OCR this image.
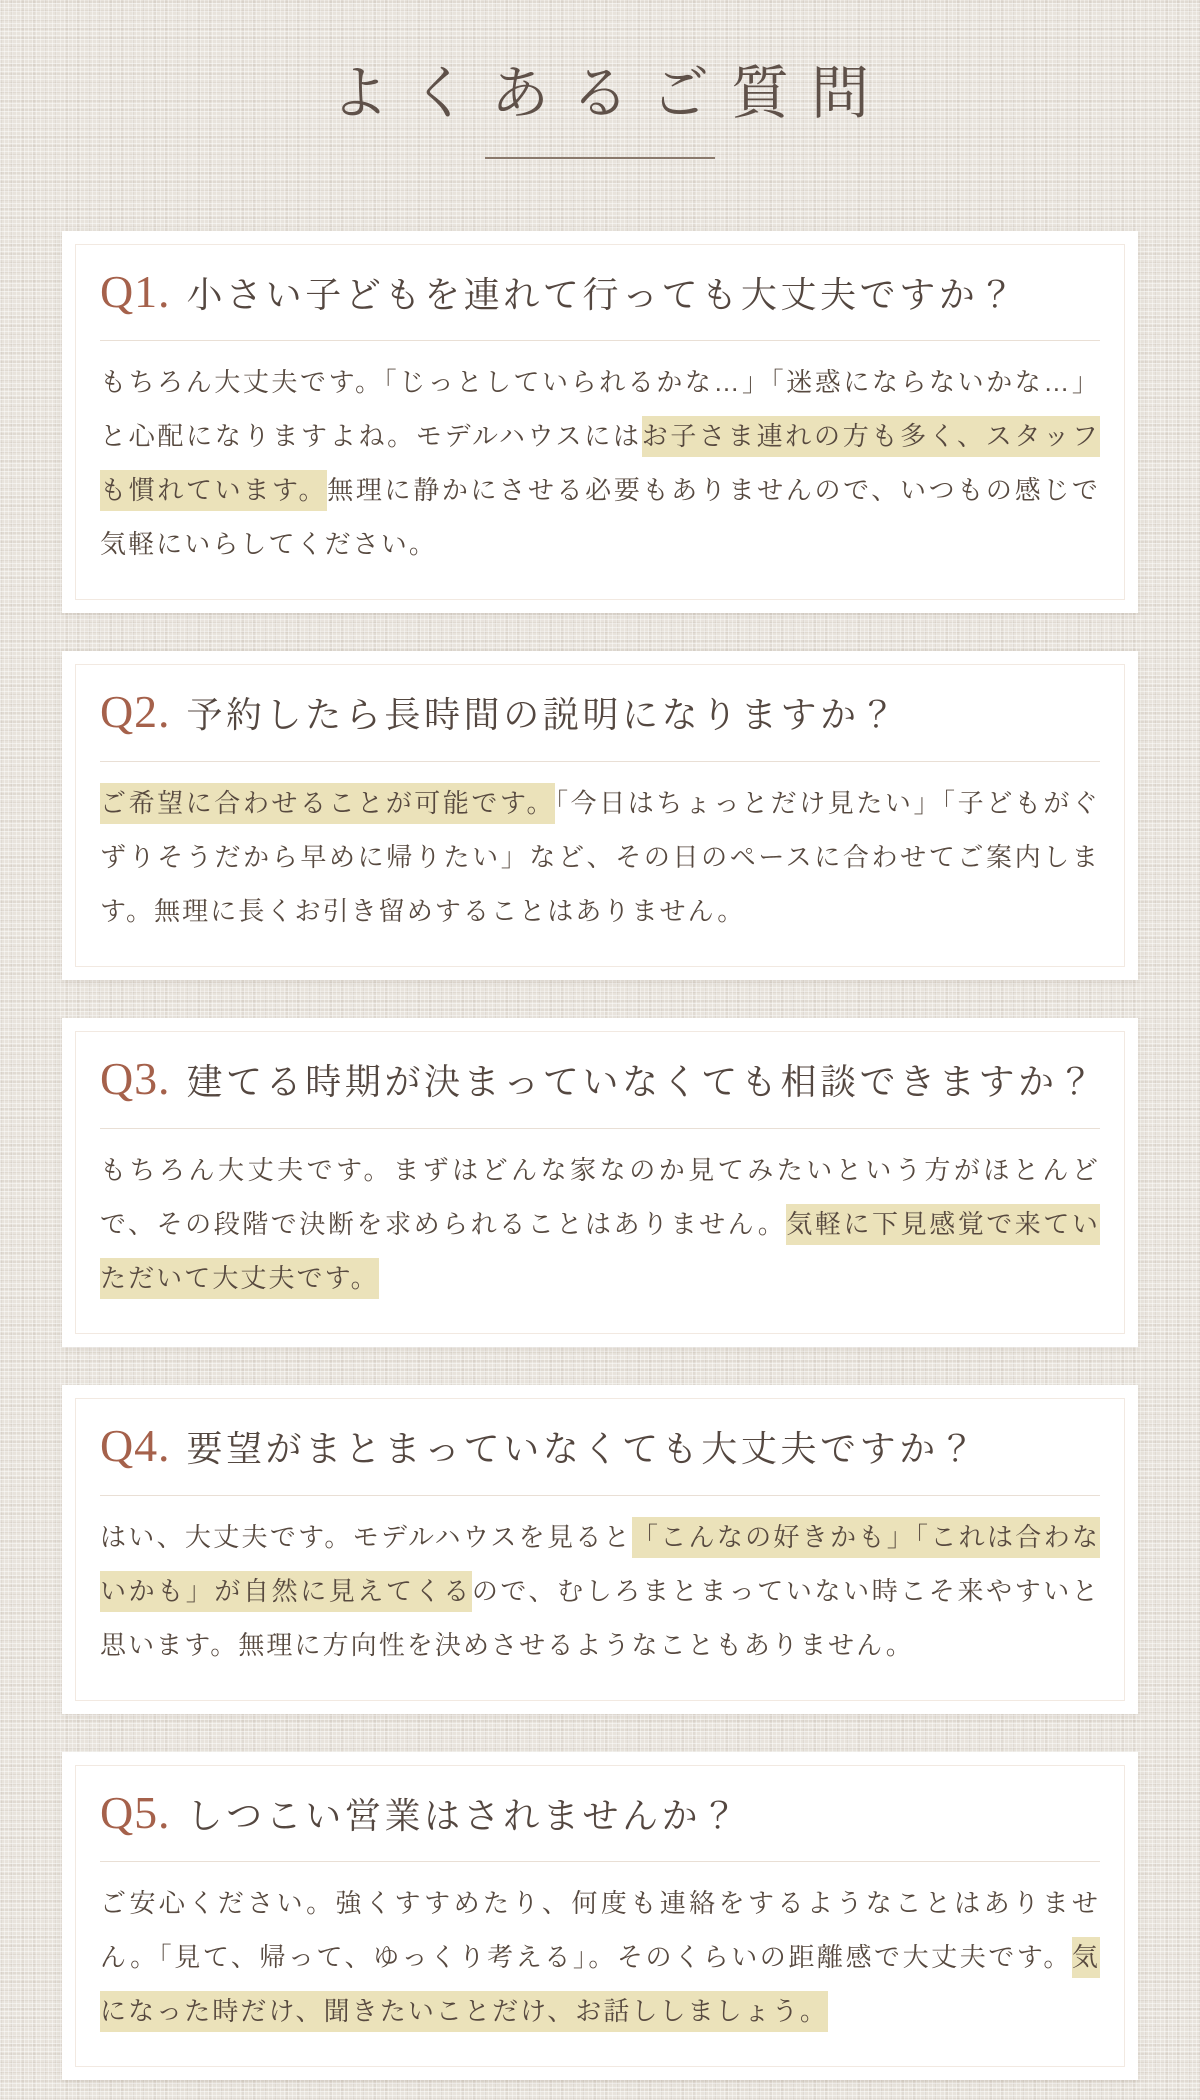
よくあるご質問
Q1. 小さい子どもを連れて行っても大丈夫ですか？

もちろん大丈夫です。「じっとしていられるかな…」「迷惑にならないかな…」と心配になりますよね。モデルハウスにはお子さま連れの方も多く、スタッフも慣れています。無理に静かにさせる必要もありませんので、いつもの感じで気軽にいらしてください。

Q2. 予約したら長時間の説明になりますか？

ご希望に合わせることが可能です。「今日はちょっとだけ見たい」「子どもがぐずりそうだから早めに帰りたい」など、その日のペースに合わせてご案内します。無理に長くお引き留めすることはありません。

Q3. 建てる時期が決まっていなくても相談できますか？

もちろん大丈夫です。まずはどんな家なのか見てみたいという方がほとんどで、その段階で決断を求められることはありません。気軽に下見感覚で来ていただいて大丈夫です。

Q4. 要望がまとまっていなくても大丈夫ですか？

はい、大丈夫です。モデルハウスを見ると「こんなの好きかも」「これは合わないかも」が自然に見えてくるので、むしろまとまっていない時こそ来やすいと思います。無理に方向性を決めさせるようなこともありません。

Q5. しつこい営業はされませんか？

ご安心ください。強くすすめたり、何度も連絡をするようなことはありません。「見て、帰って、ゆっくり考える」。そのくらいの距離感で大丈夫です。気になった時だけ、聞きたいことだけ、お話ししましょう。
